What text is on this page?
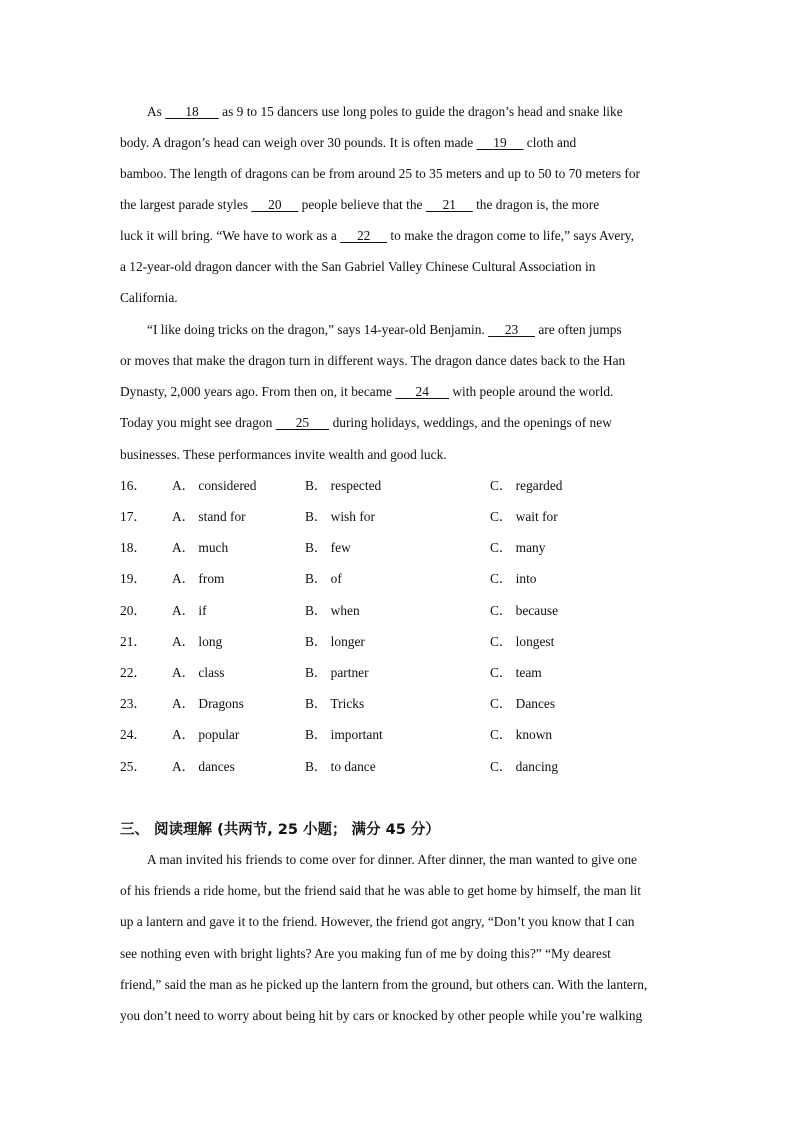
As       18       as 9 to 15 dancers use long poles to guide the dragon’s head and snake like
body. A dragon’s head can weigh over 30 pounds. It is often made      19      cloth and
bamboo. The length of dragons can be from around 25 to 35 meters and up to 50 to 70 meters for
the largest parade styles      20      people believe that the      21      the dragon is, the more
luck it will bring. “We have to work as a      22      to make the dragon come to life,” says Avery,
a 12-year-old dragon dancer with the San Gabriel Valley Chinese Cultural Association in
California.
“I like doing tricks on the dragon,” says 14-year-old Benjamin.      23      are often jumps
or moves that make the dragon turn in different ways. The dragon dance dates back to the Han
Dynasty, 2,000 years ago. From then on, it became       24       with people around the world.
Today you might see dragon       25       during holidays, weddings, and the openings of new
businesses. These performances invite wealth and good luck.
16． A． considered	B． respected	C． regarded
17． A． stand for	B． wish for	C． wait for
18． A． much	B． few	C． many
19． A． from	B． of	C． into
20． A． if	B． when	C． because
21． A． long	B． longer	C． longest
22． A． class	B． partner	C． team
23． A． Dragons	B． Tricks	C． Dances
24． A． popular	B． important	C． known
25． A． dances	B． to dance	C． dancing
三、 阅读理解 (共两节, 25 小题； 满分 45 分）
A man invited his friends to come over for dinner. After dinner, the man wanted to give one
of his friends a ride home, but the friend said that he was able to get home by himself, the man lit
up a lantern and gave it to the friend. However, the friend got angry, “Don’t you know that I can
see nothing even with bright lights? Are you making fun of me by doing this?” “My dearest
friend,” said the man as he picked up the lantern from the ground, but others can. With the lantern,
you don’t need to worry about being hit by cars or knocked by other people while you’re walking
